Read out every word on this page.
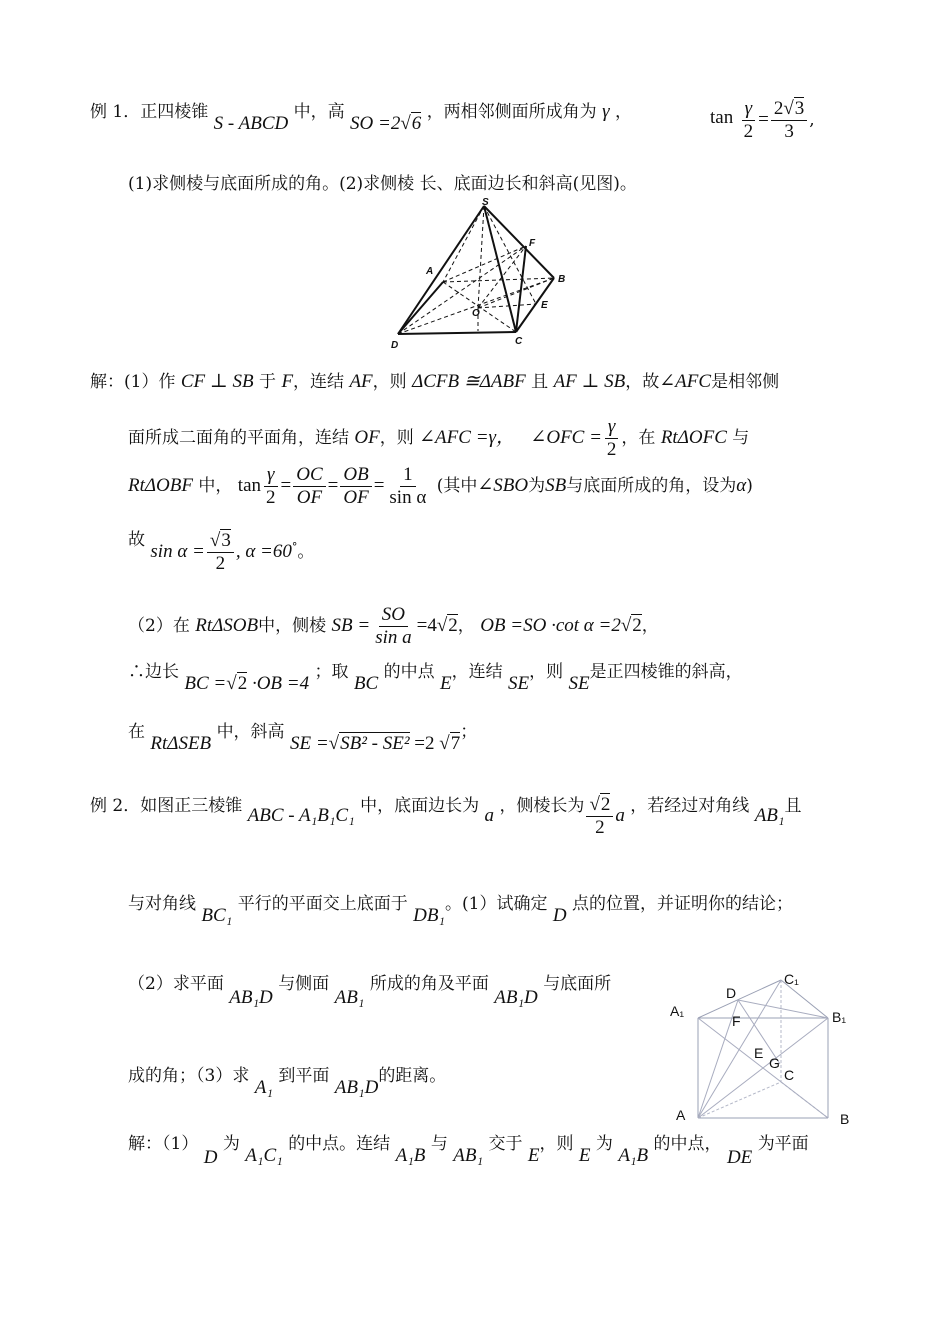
例 1．正四棱锥 S - ABCD 中，高 SO =2√6 ，两相邻侧面所成角为 γ ，	$\tan \frac{\gamma}{2} = \frac{2√3}{3}$ ,
(1)求侧棱与底面所成的角。(2)求侧棱 长、底面边长和斜高(见图)。
S
F
A
B
O
E
D	C
解：(1）作 CF ⊥ SB 于 F，连结 AF，则 ΔCFB ≅ΔABF 且 AF ⊥ SB，故∠AFC是相邻侧
面所成二面角的平面角，连结 OF，则 ∠AFC =γ， ∠OFC = $\frac{\gamma}{2}$ ，在 RtΔOFC 与
RtΔOBF 中， $\tan \frac{\gamma}{2} = \frac{OC}{OF} = \frac{OB}{OF} = \frac{1}{\text{sin α}}$ (其中∠SBO为SB与底面所成的角，设为α)
故 $\sin \alpha = \frac{√3}{2}$ , α =60°。
（2）在 RtΔSOB中，侧棱 SB = $\frac{SO}{\text{sin a}} =4√2$， OB =SO ·cot α =2√2，
∴边长 BC =√2 ·OB =4 ；取 BC 的中点 E，连结 SE，则 SE是正四棱锥的斜高，
在 RtΔSEB 中，斜高 SE =√SB² - SE² =2 √7；
例 2．如图正三棱锥 ABC - A₁B₁C₁ 中，底面边长为 a ，侧棱长为 $\frac{√2}{2}$ a ，若经过对角线 AB₁且
与对角线 BC₁ 平行的平面交上底面于 DB₁。(1）试确定 D 点的位置，并证明你的结论；
（2）求平面 AB₁D 与侧面 AB₁ 所成的角及平面 AB₁D 与底面所
成的角；（3）求 A₁ 到平面 AB₁D的距离。
解：（1） D 为 A₁C₁ 的中点。连结 A₁B 与 AB₁ 交于 E，则 E 为 A₁B 的中点， DE 为平面
C₁
D
A₁	B₁
F
E
G
C
A	B
